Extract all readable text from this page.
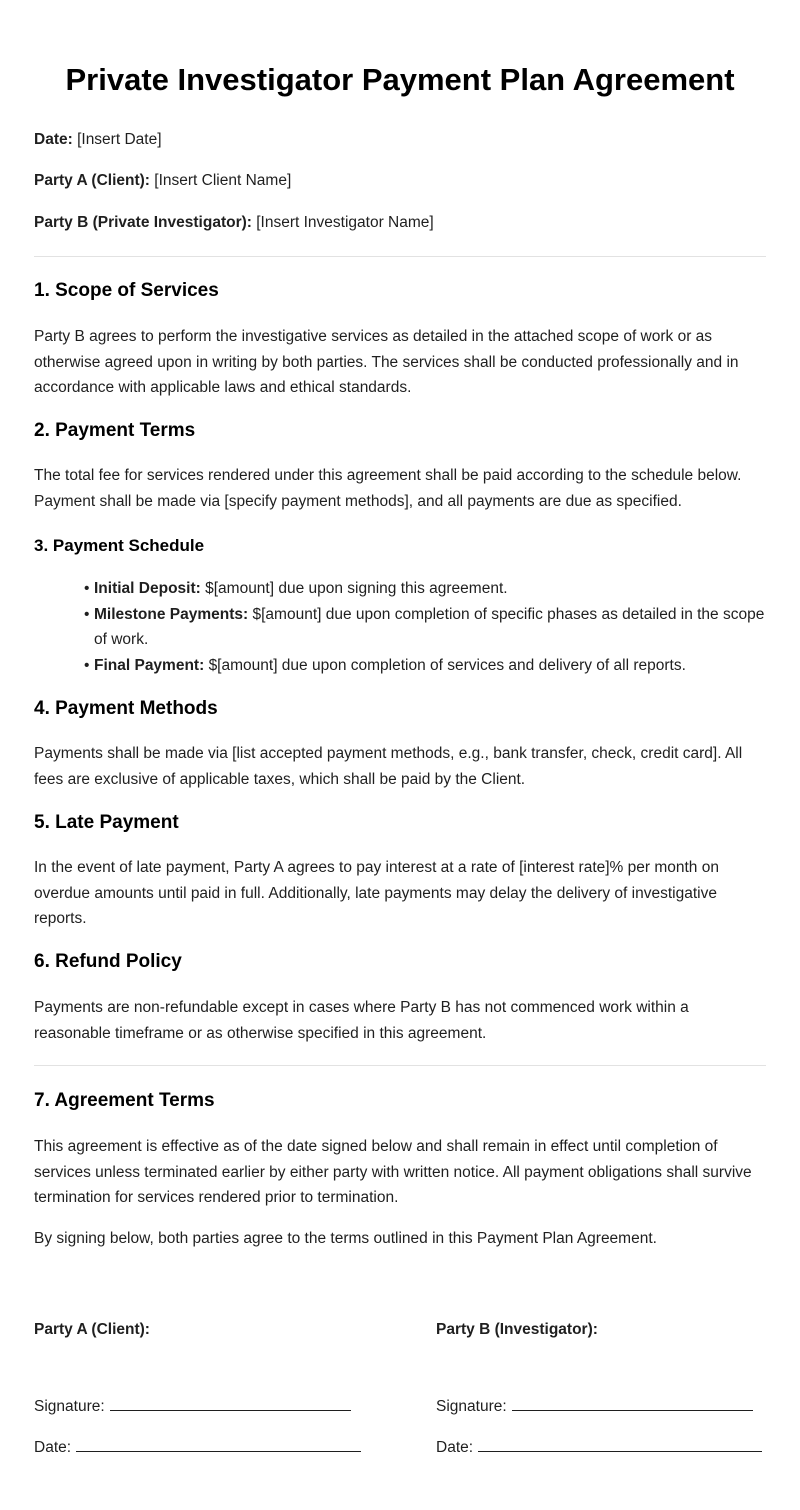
Private Investigator Payment Plan Agreement

Date: [Insert Date]

Party A (Client): [Insert Client Name]

Party B (Private Investigator): [Insert Investigator Name]

1. Scope of Services

Party B agrees to perform the investigative services as detailed in the attached scope of work or as otherwise agreed upon in writing by both parties. The services shall be conducted professionally and in accordance with applicable laws and ethical standards.

2. Payment Terms

The total fee for services rendered under this agreement shall be paid according to the schedule below. Payment shall be made via [specify payment methods], and all payments are due as specified.

3. Payment Schedule
• Initial Deposit: $[amount] due upon signing this agreement.
• Milestone Payments: $[amount] due upon completion of specific phases as detailed in the scope of work.
• Final Payment: $[amount] due upon completion of services and delivery of all reports.
4. Payment Methods

Payments shall be made via [list accepted payment methods, e.g., bank transfer, check, credit card]. All fees are exclusive of applicable taxes, which shall be paid by the Client.

5. Late Payment

In the event of late payment, Party A agrees to pay interest at a rate of [interest rate]% per month on overdue amounts until paid in full. Additionally, late payments may delay the delivery of investigative reports.

6. Refund Policy

Payments are non-refundable except in cases where Party B has not commenced work within a reasonable timeframe or as otherwise specified in this agreement.

7. Agreement Terms

This agreement is effective as of the date signed below and shall remain in effect until completion of services unless terminated earlier by either party with written notice. All payment obligations shall survive termination for services rendered prior to termination.

By signing below, both parties agree to the terms outlined in this Payment Plan Agreement.

Party A (Client):
Signature:
Date:
Party B (Investigator):
Signature:
Date:
